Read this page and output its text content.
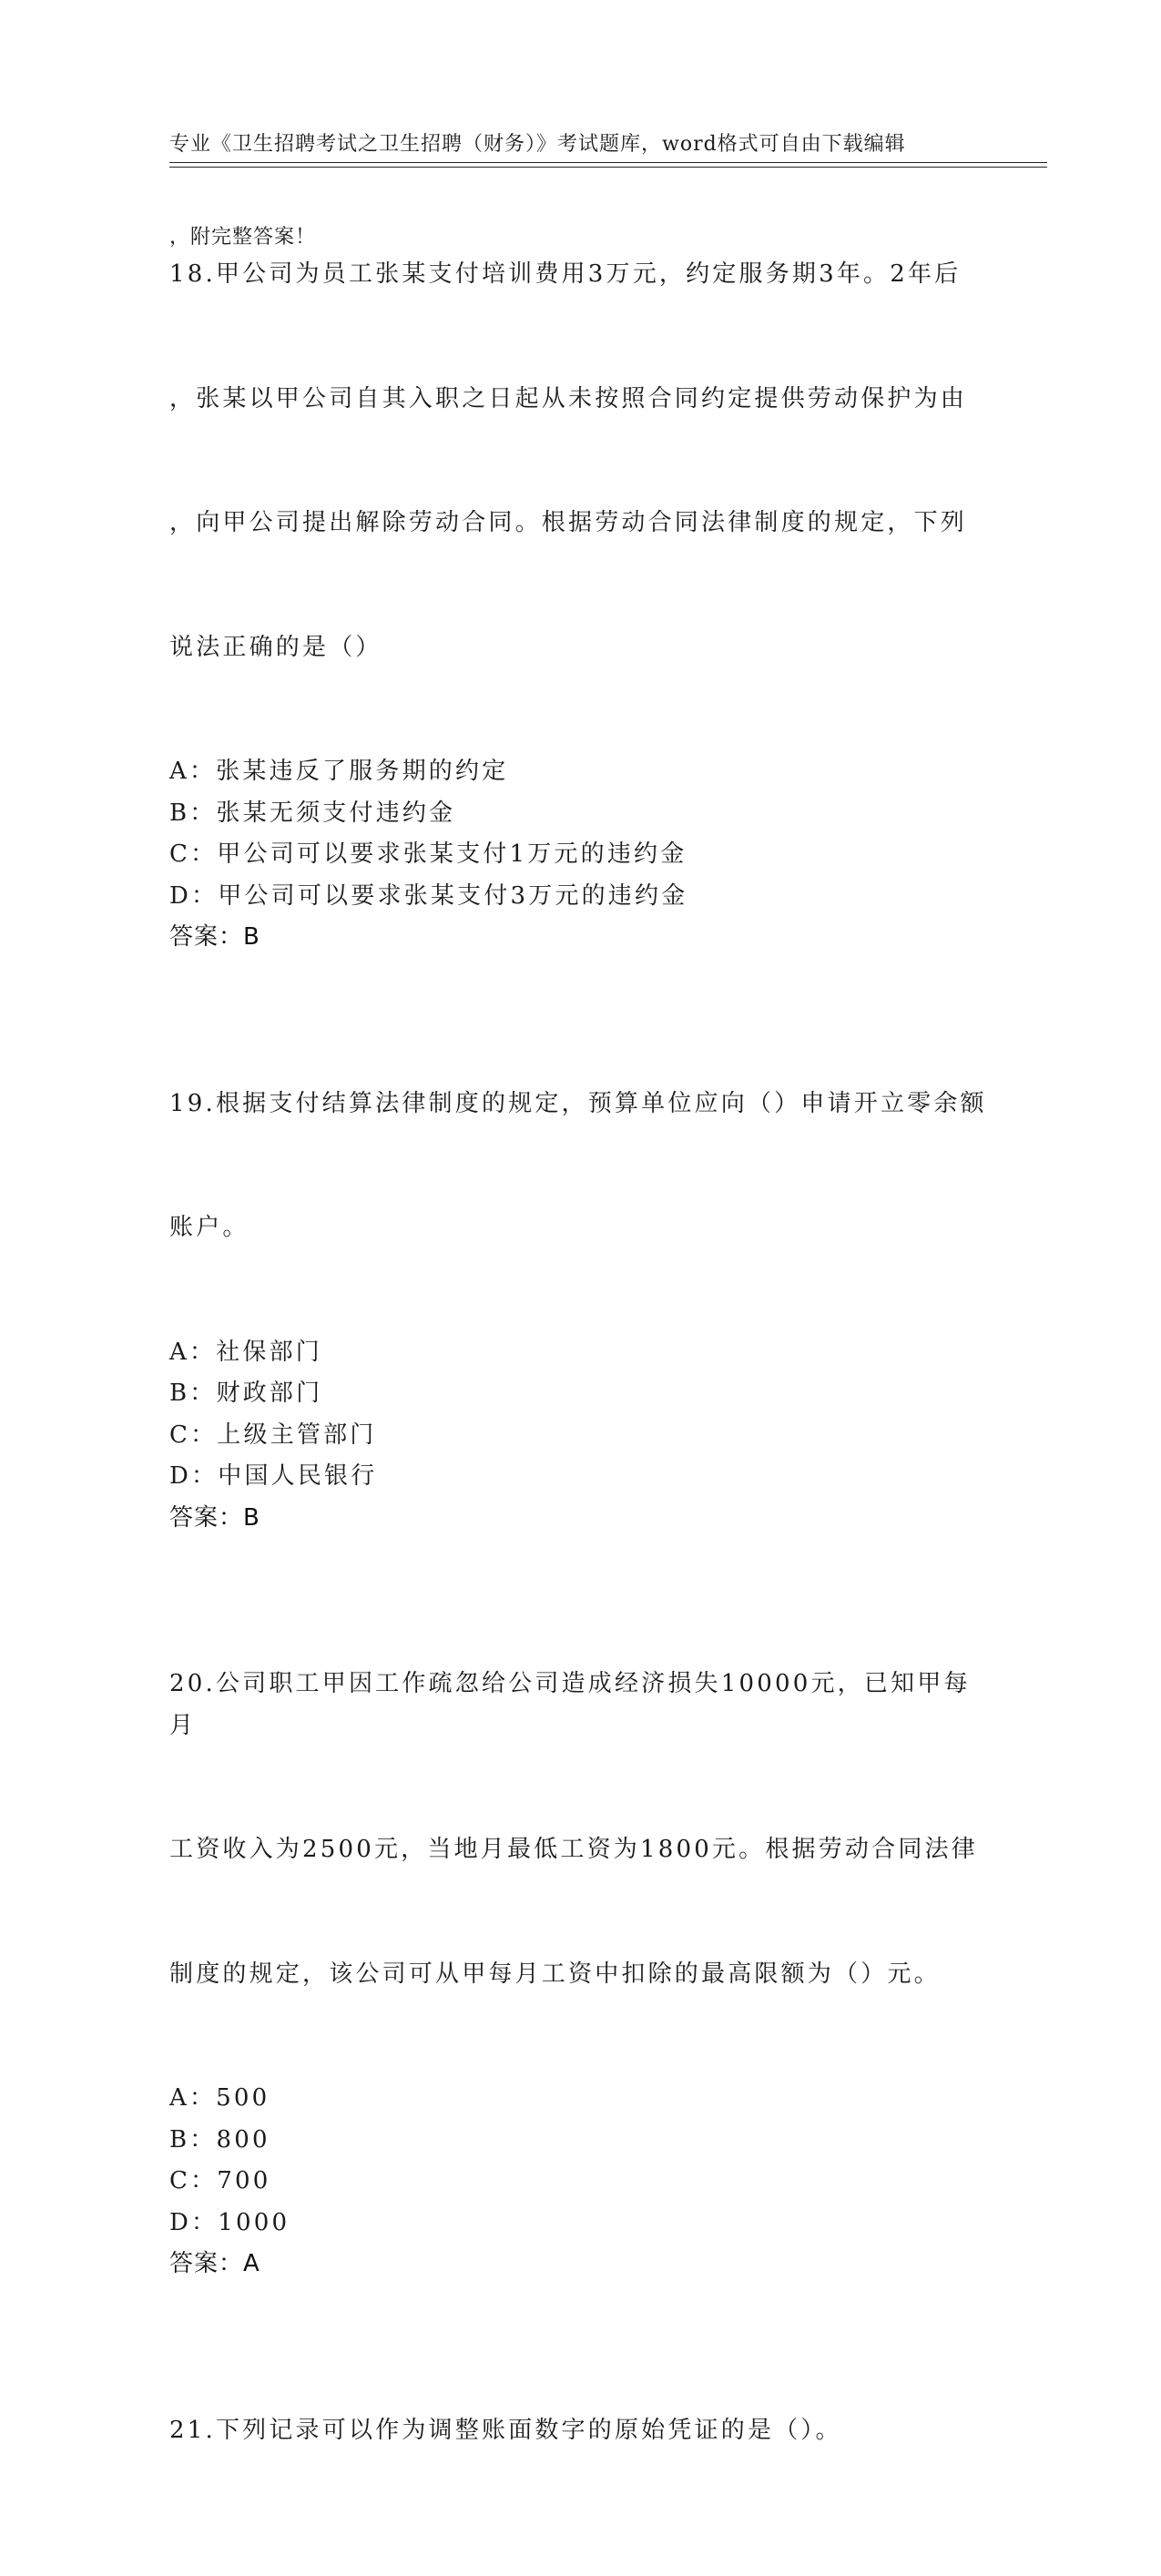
专业《卫生招聘考试之卫生招聘（财务）》考试题库，word格式可自由下载编辑

，附完整答案！

18.甲公司为员工张某支付培训费用3万元，约定服务期3年。2年后

，张某以甲公司自其入职之日起从未按照合同约定提供劳动保护为由

，向甲公司提出解除劳动合同。根据劳动合同法律制度的规定，下列

说法正确的是（）

A：张某违反了服务期的约定
B：张某无须支付违约金
C：甲公司可以要求张某支付1万元的违约金
D：甲公司可以要求张某支付3万元的违约金
答案：B

19.根据支付结算法律制度的规定，预算单位应向（）申请开立零余额

账户。

A：社保部门
B：财政部门
C：上级主管部门
D：中国人民银行
答案：B

20.公司职工甲因工作疏忽给公司造成经济损失10000元，已知甲每月

工资收入为2500元，当地月最低工资为1800元。根据劳动合同法律

制度的规定，该公司可从甲每月工资中扣除的最高限额为（）元。

A：500
B：800
C：700
D：1000
答案：A

21.下列记录可以作为调整账面数字的原始凭证的是（）。
